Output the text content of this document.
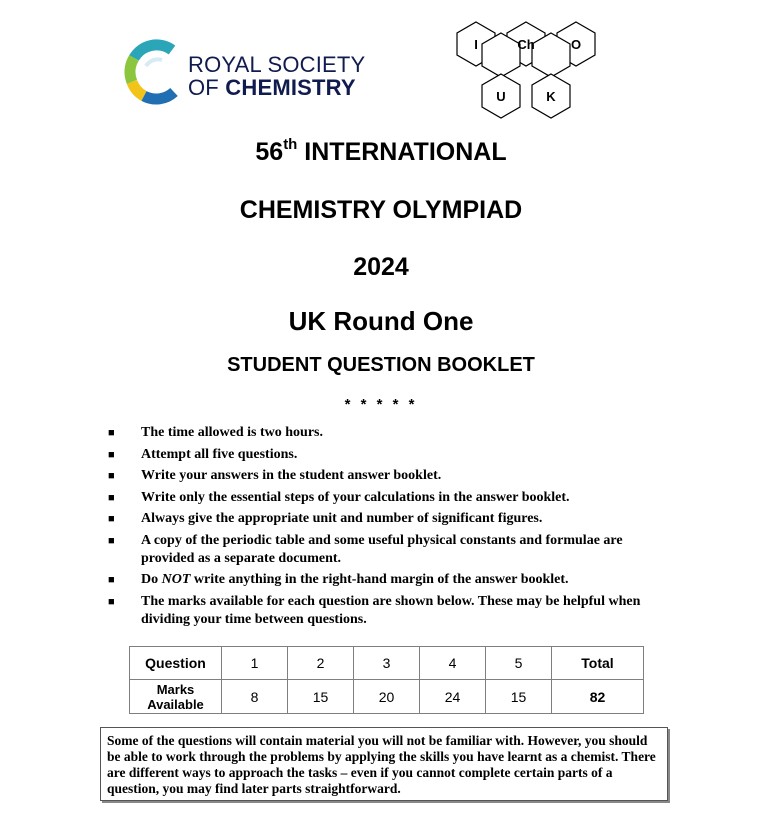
ROYAL SOCIETY
OF CHEMISTRY
I	Ch	O
U	K
56th INTERNATIONAL
CHEMISTRY OLYMPIAD
2024
UK Round One
STUDENT QUESTION BOOKLET
* * * * *
■ The time allowed is two hours.
■ Attempt all five questions.
■ Write your answers in the student answer booklet.
■ Write only the essential steps of your calculations in the answer booklet.
■ Always give the appropriate unit and number of significant figures.
■ A copy of the periodic table and some useful physical constants and formulae are provided as a separate document.
■ Do NOT write anything in the right-hand margin of the answer booklet.
■ The marks available for each question are shown below. These may be helpful when dividing your time between questions.
Question	1	2	3	4	5	Total
Marks
Available	8	15	20	24	15	82
Some of the questions will contain material you will not be familiar with. However, you should be able to work through the problems by applying the skills you have learnt as a chemist. There are different ways to approach the tasks – even if you cannot complete certain parts of a question, you may find later parts straightforward.
